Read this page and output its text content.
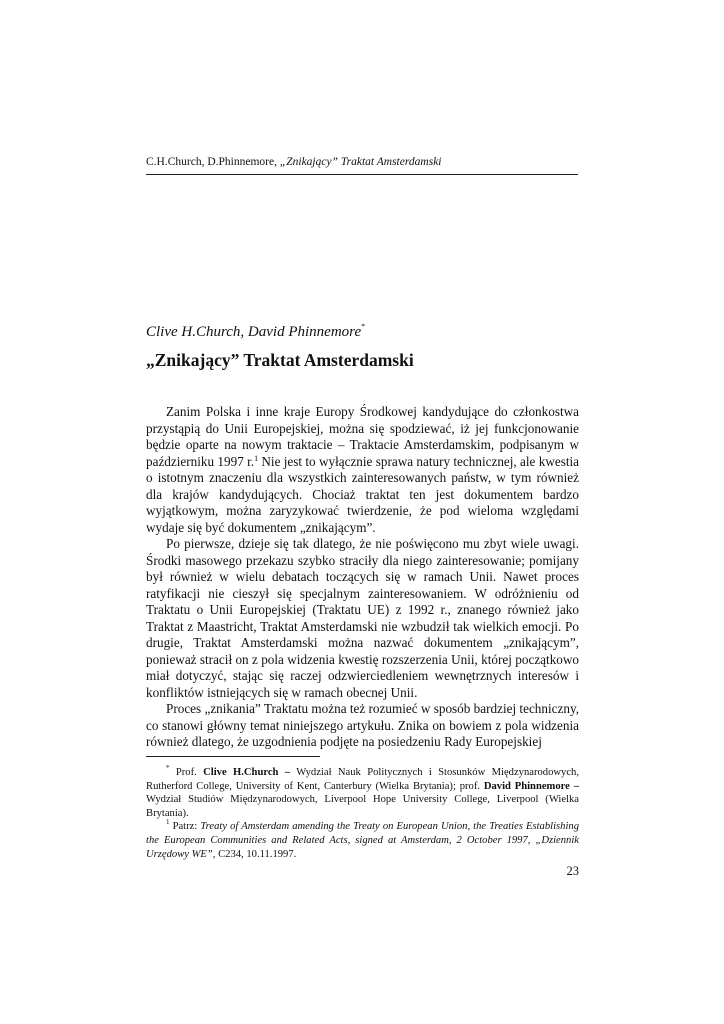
C.H.Church, D.Phinnemore, „Znikający” Traktat Amsterdamski
Clive H.Church, David Phinnemore*
„Znikający” Traktat Amsterdamski

Zanim Polska i inne kraje Europy Środkowej kandydujące do członkostwa przystąpią do Unii Europejskiej, można się spodziewać, iż jej funkcjonowanie będzie oparte na nowym traktacie – Traktacie Amsterdamskim, podpisanym w październiku 1997 r.$^1$ Nie jest to wyłącznie sprawa natury technicznej, ale kwestia o istotnym znaczeniu dla wszystkich zainteresowanych państw, w tym również dla krajów kandydujących. Chociaż traktat ten jest dokumentem bardzo wyjątkowym, można zaryzykować twierdzenie, że pod wieloma względami wydaje się być dokumentem „znikającym”.

Po pierwsze, dzieje się tak dlatego, że nie poświęcono mu zbyt wiele uwagi. Środki masowego przekazu szybko straciły dla niego zainteresowanie; pomijany był również w wielu debatach toczących się w ramach Unii. Nawet proces ratyfikacji nie cieszył się specjalnym zainteresowaniem. W odróżnieniu od Traktatu o Unii Europejskiej (Traktatu UE) z 1992 r., znanego również jako Traktat z Maastricht, Traktat Amsterdamski nie wzbudził tak wielkich emocji. Po drugie, Traktat Amsterdamski można nazwać dokumentem „znikającym”, ponieważ stracił on z pola widzenia kwestię rozszerzenia Unii, której początkowo miał dotyczyć, stając się raczej odzwierciedleniem wewnętrznych interesów i konfliktów istniejących się w ramach obecnej Unii.

Proces „znikania” Traktatu można też rozumieć w sposób bardziej techniczny, co stanowi główny temat niniejszego artykułu. Znika on bowiem z pola widzenia również dlatego, że uzgodnienia podjęte na posiedzeniu Rady Europejskiej

* Prof. Clive H.Church – Wydział Nauk Politycznych i Stosunków Międzynarodowych, Rutherford College, University of Kent, Canterbury (Wielka Brytania); prof. David Phinnemore – Wydział Studiów Międzynarodowych, Liverpool Hope University College, Liverpool (Wielka Brytania).

$^1$ Patrz: Treaty of Amsterdam amending the Treaty on European Union, the Treaties Establishing the European Communities and Related Acts, signed at Amsterdam, 2 October 1997, „Dziennik Urzędowy WE”, C234, 10.11.1997.

23
